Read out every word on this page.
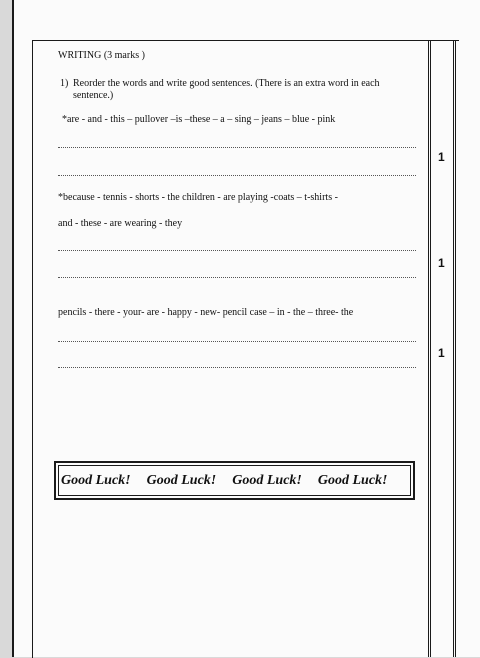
WRITING (3 marks )
1) Reorder the words and write good sentences. (There is an extra word in each
sentence.)
*are - and - this – pullover –is –these – a – sing – jeans – blue - pink
1
*because - tennis - shorts - the children - are playing -coats – t-shirts -
and - these - are wearing - they
1
pencils - there - your- are - happy - new- pencil case – in - the – three- the
1
Good Luck! Good Luck! Good Luck! Good Luck!
